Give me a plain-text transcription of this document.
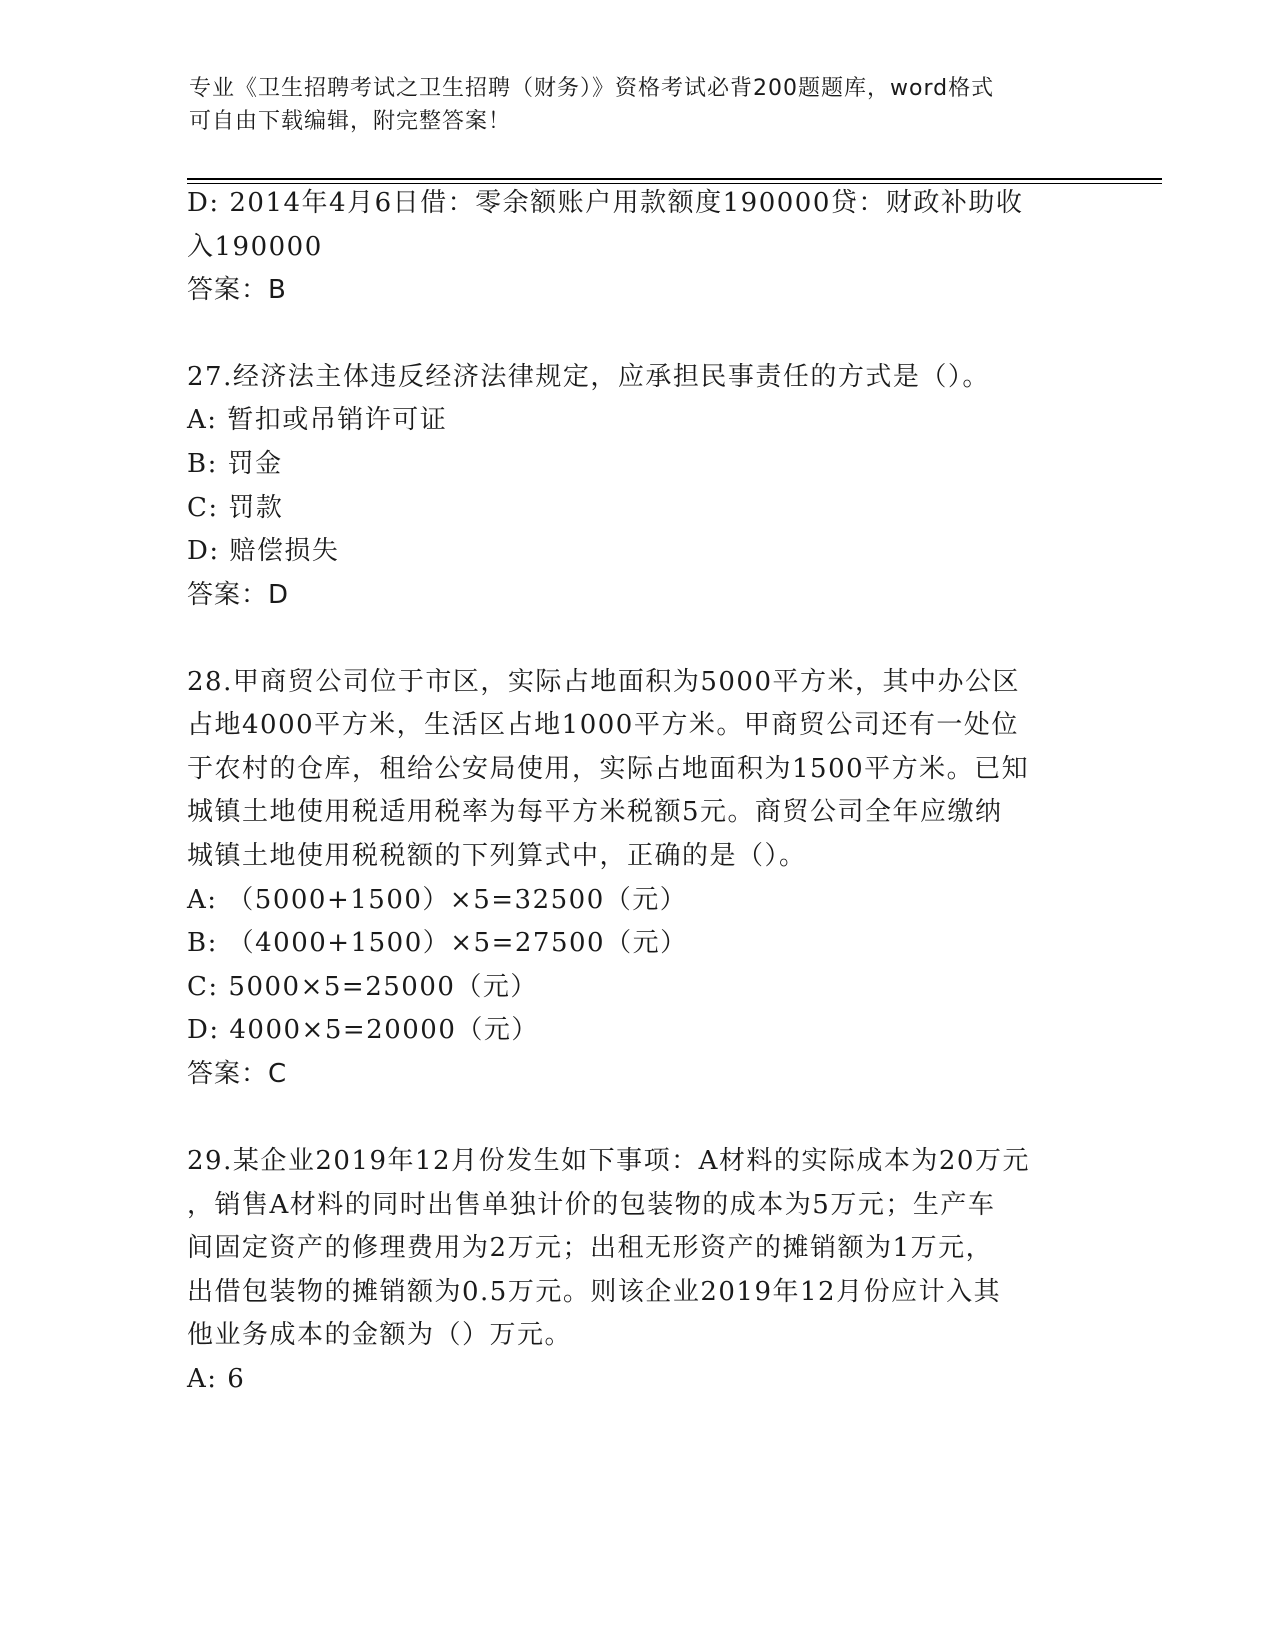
专业《卫生招聘考试之卫生招聘（财务）》资格考试必背200题题库，word格式
可自由下载编辑，附完整答案！
D: 2014年4月6日借：零余额账户用款额度190000贷：财政补助收
入190000
答案：B
27.经济法主体违反经济法律规定，应承担民事责任的方式是（）。
A: 暂扣或吊销许可证
B: 罚金
C: 罚款
D: 赔偿损失
答案：D
28.甲商贸公司位于市区，实际占地面积为5000平方米，其中办公区
占地4000平方米，生活区占地1000平方米。甲商贸公司还有一处位
于农村的仓库，租给公安局使用，实际占地面积为1500平方米。已知
城镇土地使用税适用税率为每平方米税额5元。商贸公司全年应缴纳
城镇土地使用税税额的下列算式中，正确的是（）。
A: （5000+1500）×5=32500（元）
B: （4000+1500）×5=27500（元）
C: 5000×5=25000（元）
D: 4000×5=20000（元）
答案：C
29.某企业2019年12月份发生如下事项：A材料的实际成本为20万元
，销售A材料的同时出售单独计价的包装物的成本为5万元；生产车
间固定资产的修理费用为2万元；出租无形资产的摊销额为1万元，
出借包装物的摊销额为0.5万元。则该企业2019年12月份应计入其
他业务成本的金额为（）万元。
A: 6
